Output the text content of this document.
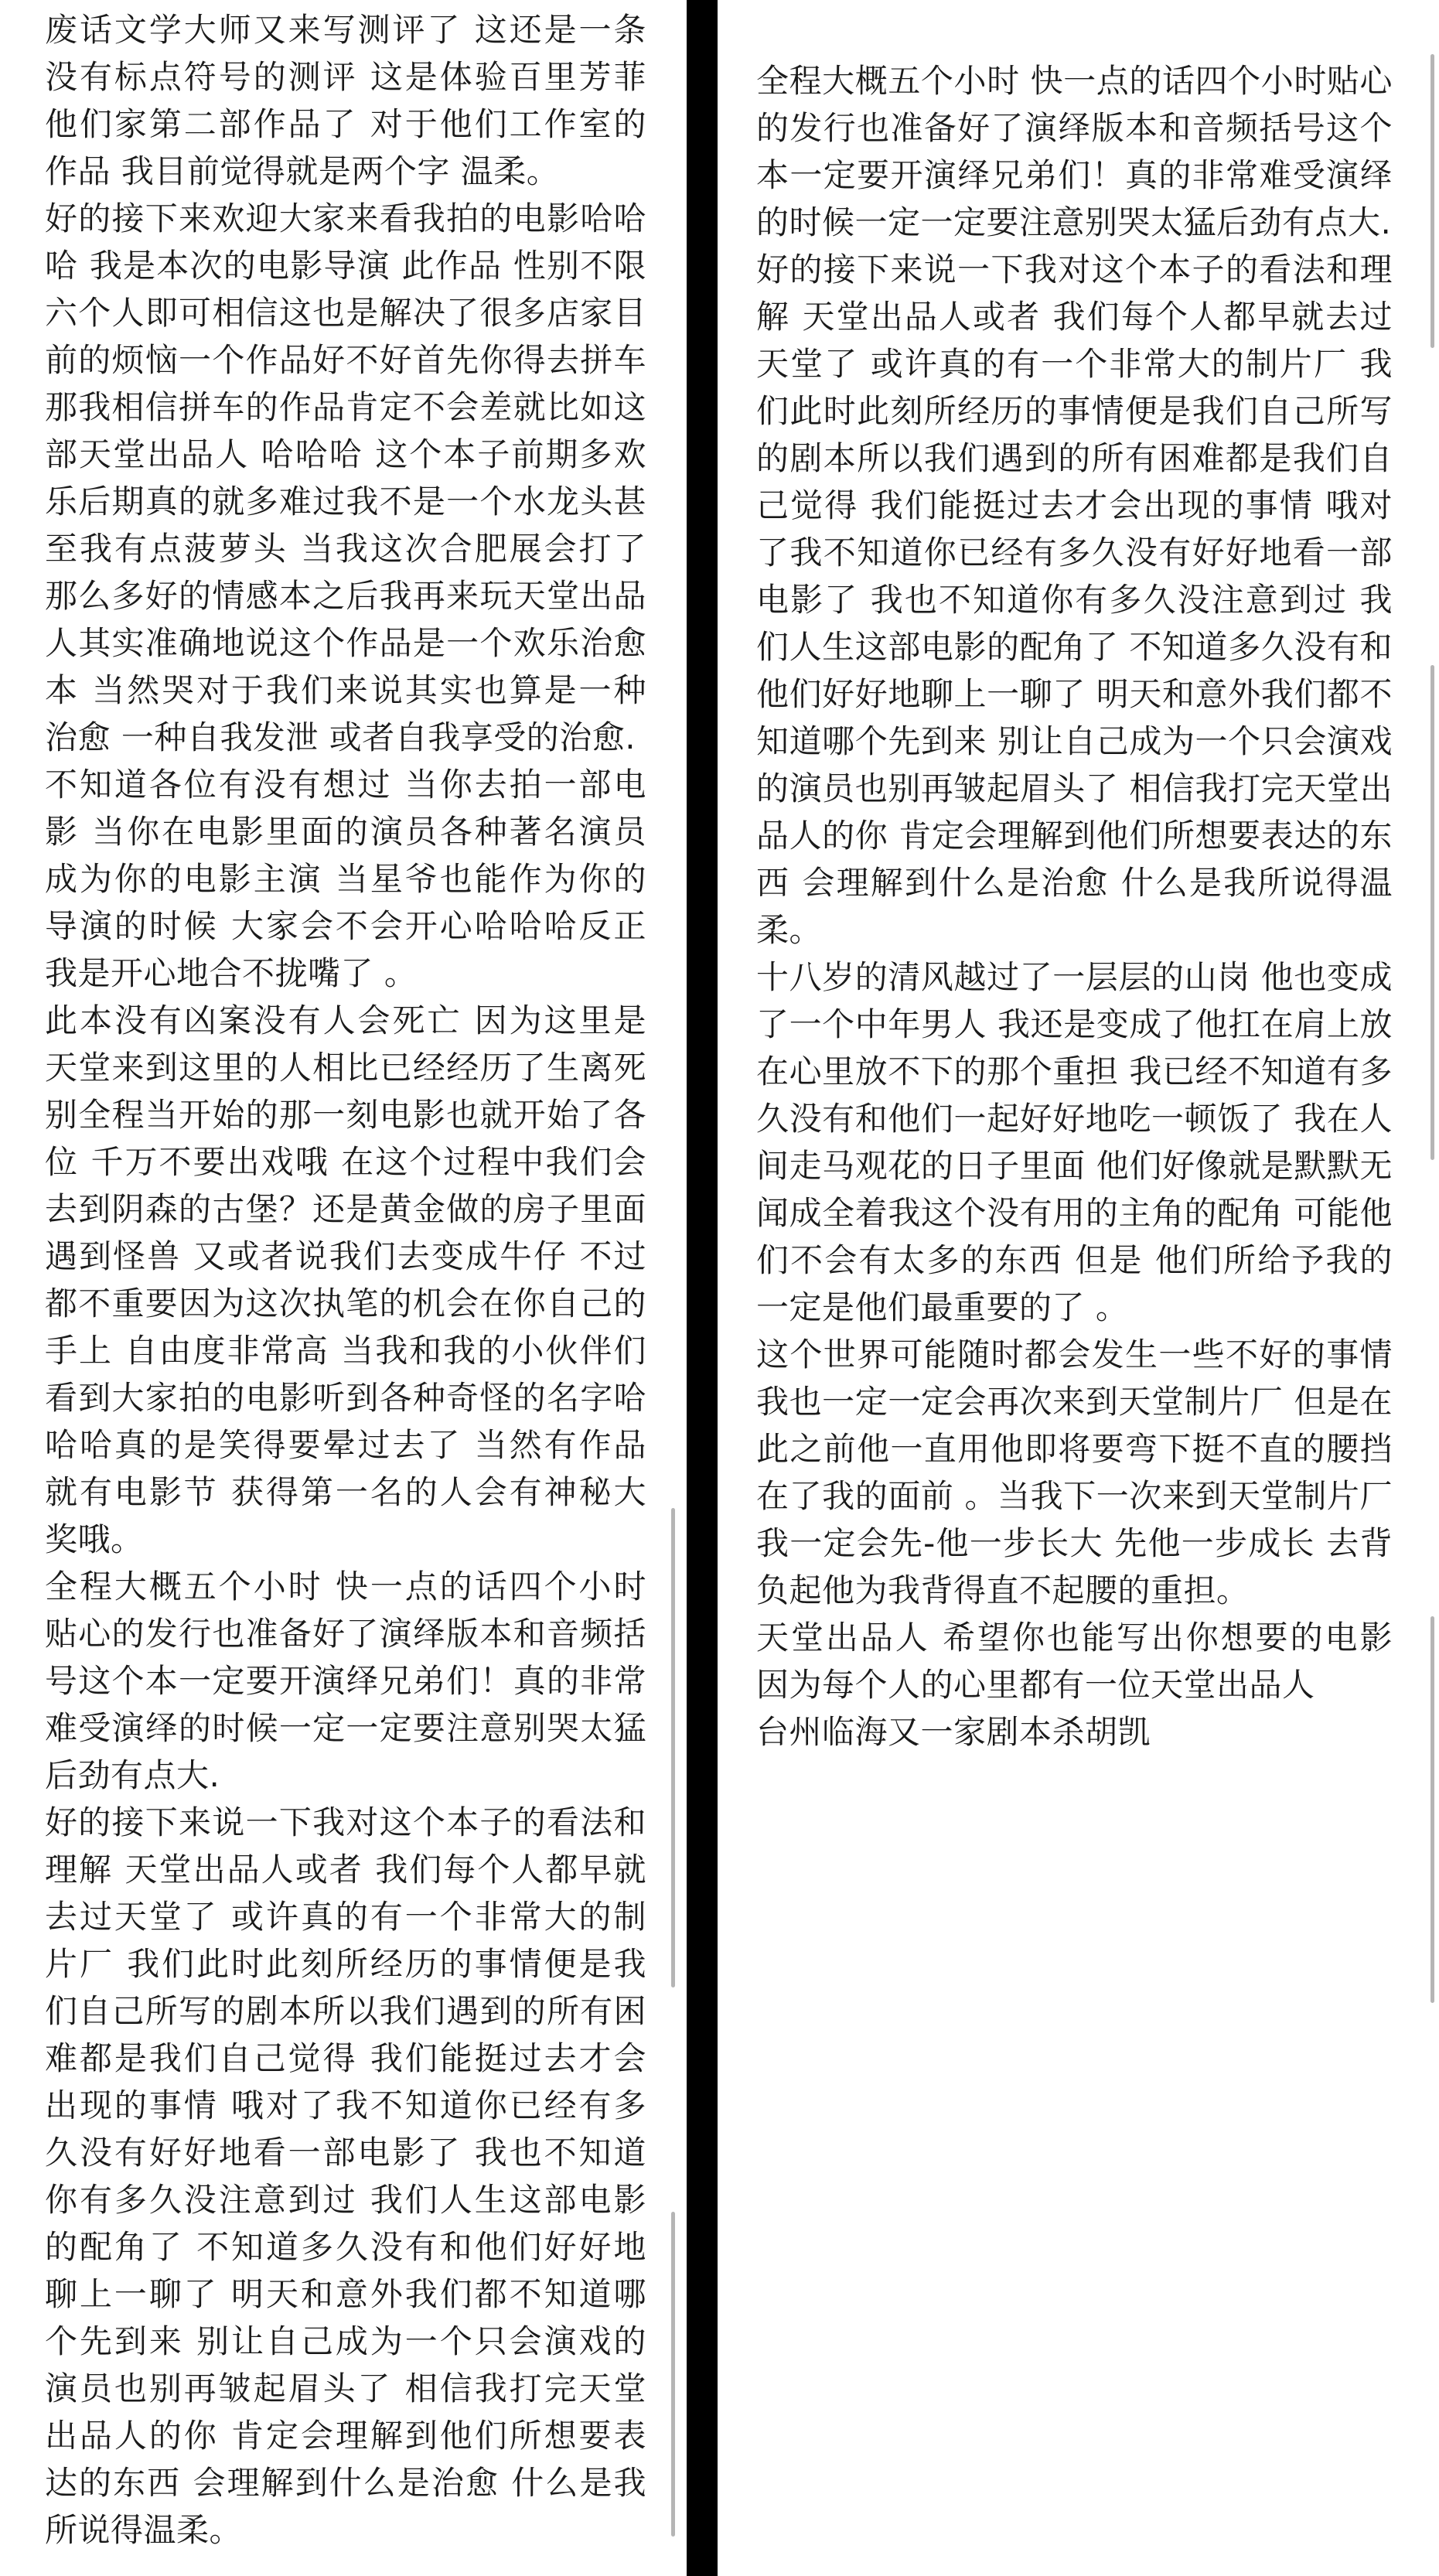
废话文学大师又来写测评了 这还是一条没有标点符号的测评 这是体验百里芳菲他们家第二部作品了 对于他们工作室的作品 我目前觉得就是两个字 温柔。

好的接下来欢迎大家来看我拍的电影哈哈哈 我是本次的电影导演 此作品 性别不限 六个人即可相信这也是解决了很多店家目前的烦恼一个作品好不好首先你得去拼车 那我相信拼车的作品肯定不会差就比如这部天堂出品人 哈哈哈 这个本子前期多欢乐后期真的就多难过我不是一个水龙头甚至我有点菠萝头 当我这次合肥展会打了那么多好的情感本之后我再来玩天堂出品人其实准确地说这个作品是一个欢乐治愈本 当然哭对于我们来说其实也算是一种治愈 一种自我发泄 或者自我享受的治愈.

不知道各位有没有想过 当你去拍一部电影 当你在电影里面的演员各种著名演员成为你的电影主演 当星爷也能作为你的导演的时候 大家会不会开心哈哈哈反正我是开心地合不拢嘴了 。

此本没有凶案没有人会死亡 因为这里是天堂来到这里的人相比已经经历了生离死别全程当开始的那一刻电影也就开始了各位 千万不要出戏哦 在这个过程中我们会去到阴森的古堡？还是黄金做的房子里面遇到怪兽 又或者说我们去变成牛仔 不过都不重要因为这次执笔的机会在你自己的手上 自由度非常高 当我和我的小伙伴们看到大家拍的电影听到各种奇怪的名字哈哈哈真的是笑得要晕过去了 当然有作品就有电影节 获得第一名的人会有神秘大奖哦。

全程大概五个小时 快一点的话四个小时贴心的发行也准备好了演绎版本和音频括号这个本一定要开演绎兄弟们！真的非常难受演绎的时候一定一定要注意别哭太猛后劲有点大.

好的接下来说一下我对这个本子的看法和理解 天堂出品人或者 我们每个人都早就去过天堂了 或许真的有一个非常大的制片厂 我们此时此刻所经历的事情便是我们自己所写的剧本所以我们遇到的所有困难都是我们自己觉得 我们能挺过去才会出现的事情 哦对了我不知道你已经有多久没有好好地看一部电影了 我也不知道你有多久没注意到过 我们人生这部电影的配角了 不知道多久没有和他们好好地聊上一聊了 明天和意外我们都不知道哪个先到来 别让自己成为一个只会演戏的演员也别再皱起眉头了 相信我打完天堂出品人的你 肯定会理解到他们所想要表达的东西 会理解到什么是治愈 什么是我所说得温柔。

全程大概五个小时 快一点的话四个小时贴心的发行也准备好了演绎版本和音频括号这个本一定要开演绎兄弟们！真的非常难受演绎的时候一定一定要注意别哭太猛后劲有点大.

好的接下来说一下我对这个本子的看法和理解 天堂出品人或者 我们每个人都早就去过天堂了 或许真的有一个非常大的制片厂 我们此时此刻所经历的事情便是我们自己所写的剧本所以我们遇到的所有困难都是我们自己觉得 我们能挺过去才会出现的事情 哦对了我不知道你已经有多久没有好好地看一部电影了 我也不知道你有多久没注意到过 我们人生这部电影的配角了 不知道多久没有和他们好好地聊上一聊了 明天和意外我们都不知道哪个先到来 别让自己成为一个只会演戏的演员也别再皱起眉头了 相信我打完天堂出品人的你 肯定会理解到他们所想要表达的东西 会理解到什么是治愈 什么是我所说得温柔。

十八岁的清风越过了一层层的山岗 他也变成了一个中年男人 我还是变成了他扛在肩上放在心里放不下的那个重担 我已经不知道有多久没有和他们一起好好地吃一顿饭了 我在人间走马观花的日子里面 他们好像就是默默无闻成全着我这个没有用的主角的配角 可能他们不会有太多的东西 但是 他们所给予我的 一定是他们最重要的了 。

这个世界可能随时都会发生一些不好的事情 我也一定一定会再次来到天堂制片厂 但是在此之前他一直用他即将要弯下挺不直的腰挡在了我的面前 。当我下一次来到天堂制片厂我一定会先-他一步长大 先他一步成长 去背负起他为我背得直不起腰的重担。

天堂出品人 希望你也能写出你想要的电影 因为每个人的心里都有一位天堂出品人

台州临海又一家剧本杀胡凯
